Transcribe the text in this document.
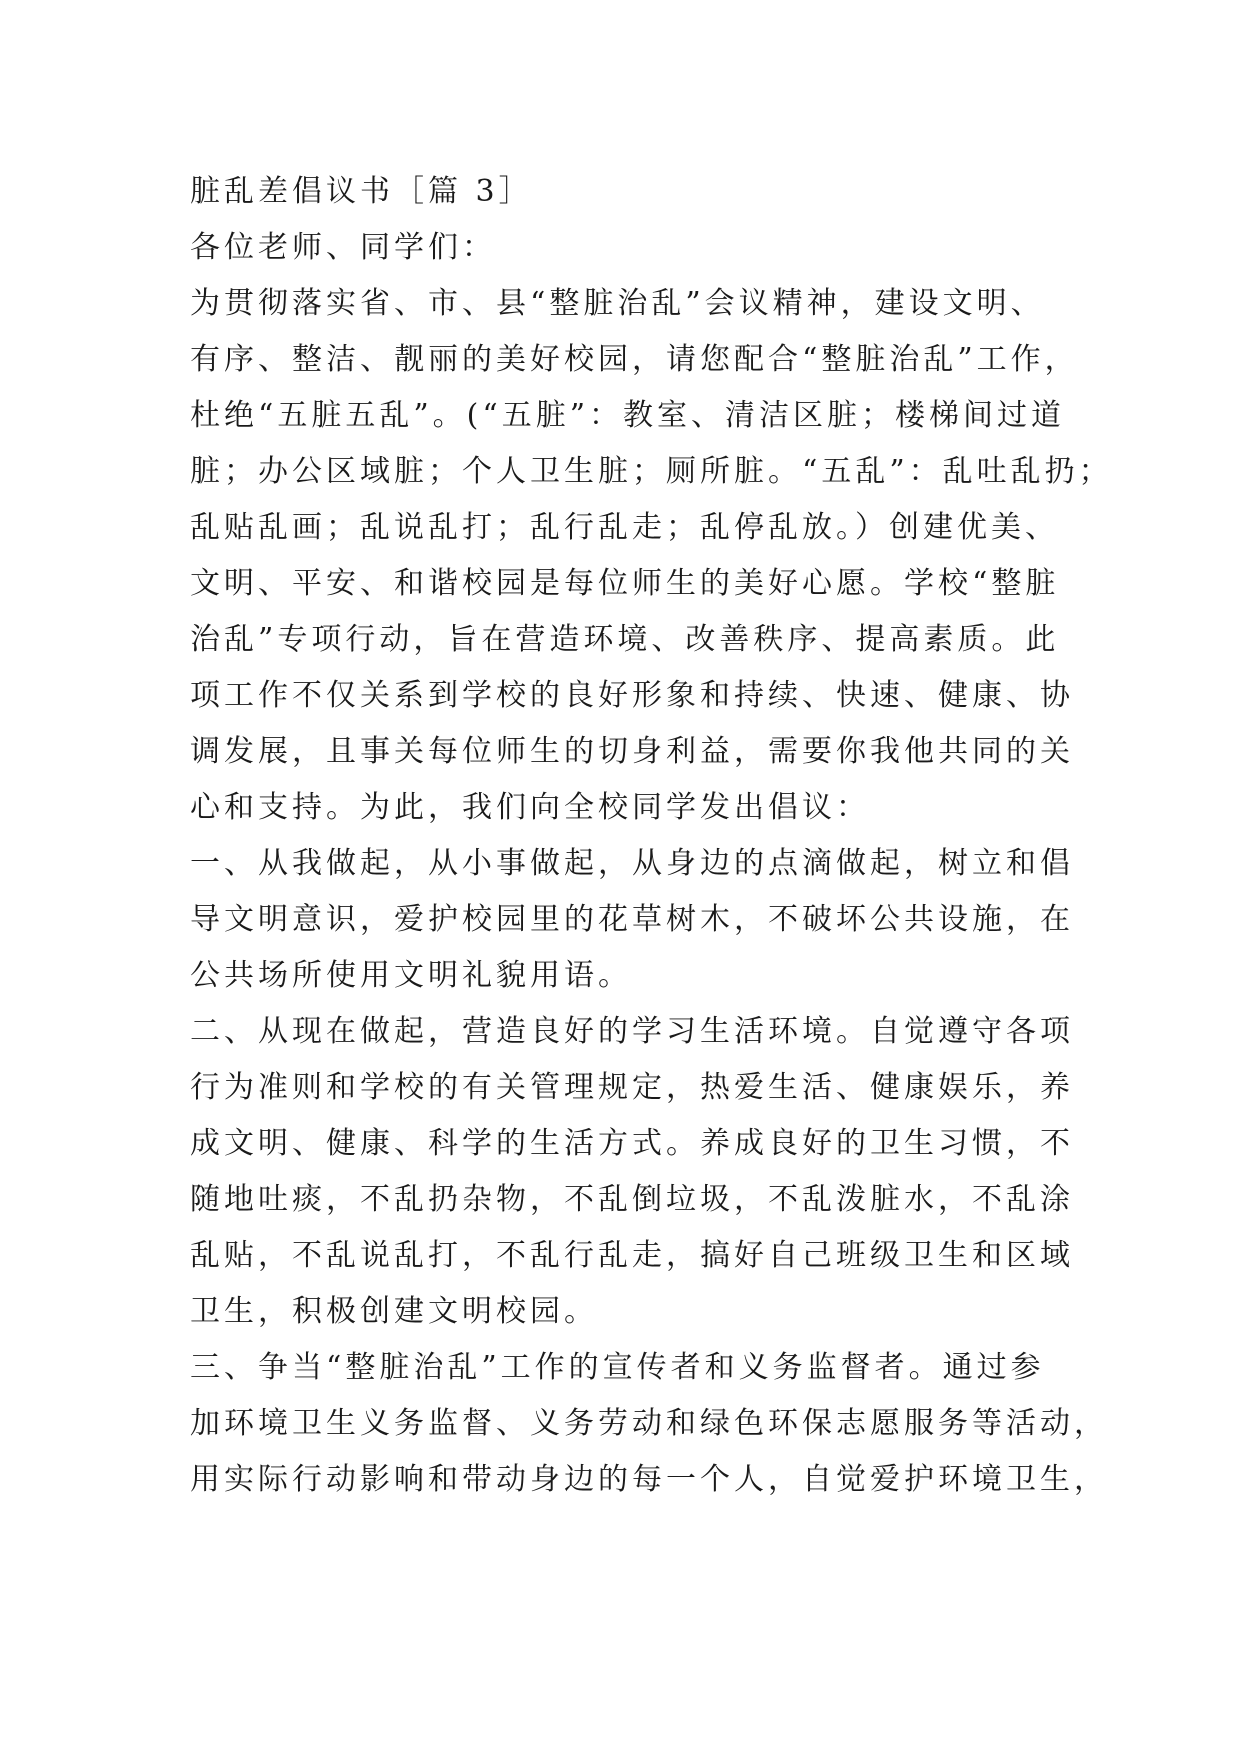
脏乱差倡议书［篇 3］
各位老师、同学们：
为贯彻落实省、市、县“整脏治乱”会议精神，建设文明、
有序、整洁、靓丽的美好校园，请您配合“整脏治乱”工作，
杜绝“五脏五乱”。(“五脏”：教室、清洁区脏；楼梯间过道
脏；办公区域脏；个人卫生脏；厕所脏。“五乱”：乱吐乱扔；
乱贴乱画；乱说乱打；乱行乱走；乱停乱放。）创建优美、
文明、平安、和谐校园是每位师生的美好心愿。学校“整脏
治乱”专项行动，旨在营造环境、改善秩序、提高素质。此
项工作不仅关系到学校的良好形象和持续、快速、健康、协
调发展，且事关每位师生的切身利益，需要你我他共同的关
心和支持。为此，我们向全校同学发出倡议：
一、从我做起，从小事做起，从身边的点滴做起，树立和倡
导文明意识，爱护校园里的花草树木，不破坏公共设施，在
公共场所使用文明礼貌用语。
二、从现在做起，营造良好的学习生活环境。自觉遵守各项
行为准则和学校的有关管理规定，热爱生活、健康娱乐，养
成文明、健康、科学的生活方式。养成良好的卫生习惯，不
随地吐痰，不乱扔杂物，不乱倒垃圾，不乱泼脏水，不乱涂
乱贴，不乱说乱打，不乱行乱走，搞好自己班级卫生和区域
卫生，积极创建文明校园。
三、争当“整脏治乱”工作的宣传者和义务监督者。通过参
加环境卫生义务监督、义务劳动和绿色环保志愿服务等活动，
用实际行动影响和带动身边的每一个人，自觉爱护环境卫生，
